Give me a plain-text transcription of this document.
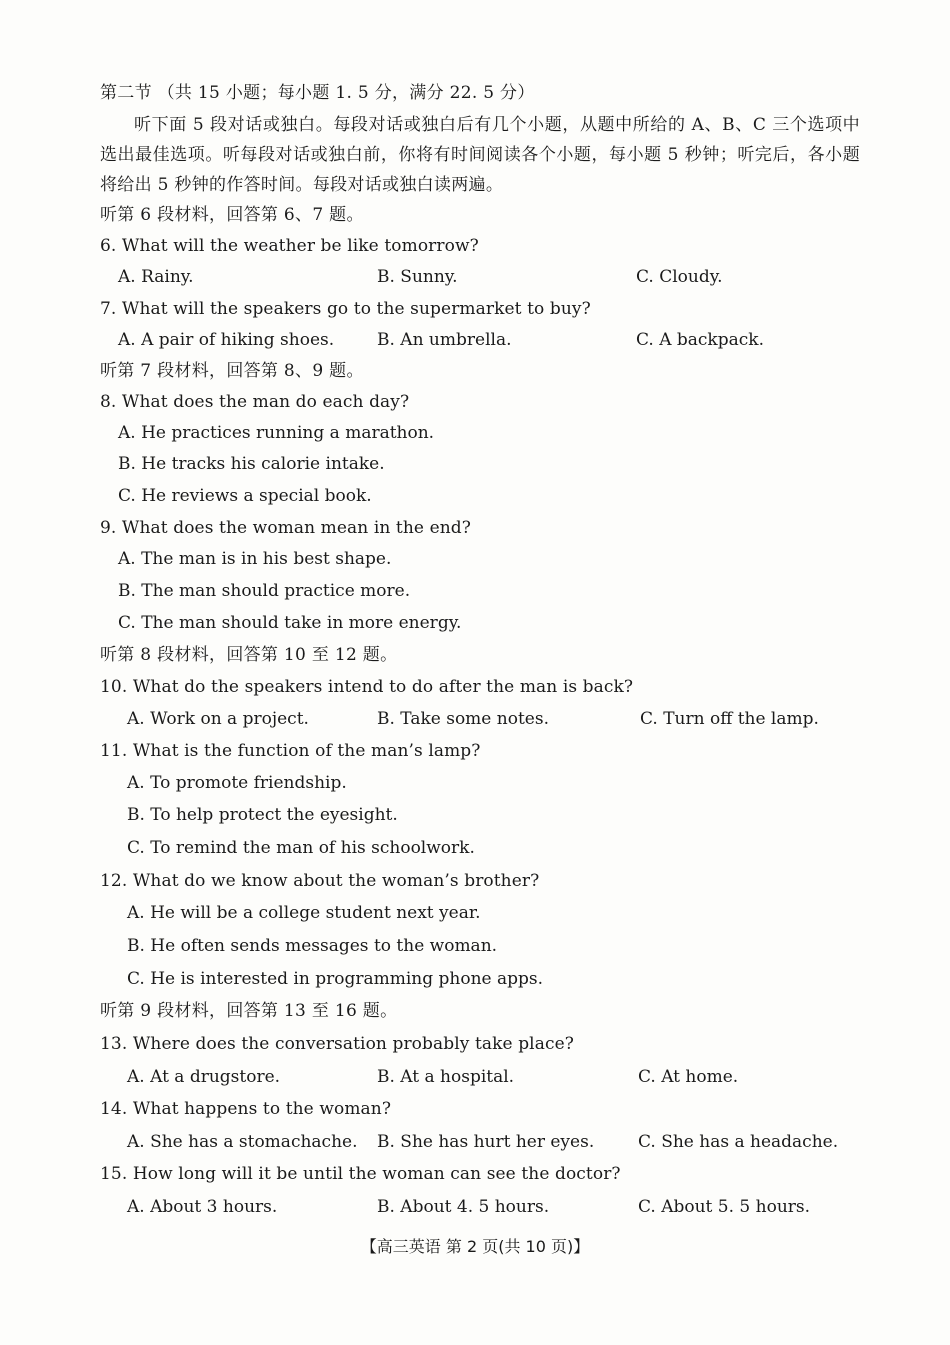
第二节 （共 15 小题；每小题 1. 5 分，满分 22. 5 分）
听下面 5 段对话或独白。每段对话或独白后有几个小题，从题中所给的 A、B、C 三个选项中选出最佳选项。听每段对话或独白前，你将有时间阅读各个小题，每小题 5 秒钟；听完后，各小题将给出 5 秒钟的作答时间。每段对话或独白读两遍。
听第 6 段材料，回答第 6、7 题。
6. What will the weather be like tomorrow?
A. Rainy.	B. Sunny.	C. Cloudy.
7. What will the speakers go to the supermarket to buy?
A. A pair of hiking shoes.	B. An umbrella.	C. A backpack.
听第 7 段材料，回答第 8、9 题。
8. What does the man do each day?
A. He practices running a marathon.
B. He tracks his calorie intake.
C. He reviews a special book.
9. What does the woman mean in the end?
A. The man is in his best shape.
B. The man should practice more.
C. The man should take in more energy.
听第 8 段材料，回答第 10 至 12 题。
10. What do the speakers intend to do after the man is back?
A. Work on a project.	B. Take some notes.	C. Turn off the lamp.
11. What is the function of the man’s lamp?
A. To promote friendship.
B. To help protect the eyesight.
C. To remind the man of his schoolwork.
12. What do we know about the woman’s brother?
A. He will be a college student next year.
B. He often sends messages to the woman.
C. He is interested in programming phone apps.
听第 9 段材料，回答第 13 至 16 题。
13. Where does the conversation probably take place?
A. At a drugstore.	B. At a hospital.	C. At home.
14. What happens to the woman?
A. She has a stomachache. B. She has hurt her eyes.	C. She has a headache.
15. How long will it be until the woman can see the doctor?
A. About 3 hours.	B. About 4. 5 hours.	C. About 5. 5 hours.
【高三英语 第 2 页(共 10 页)】
